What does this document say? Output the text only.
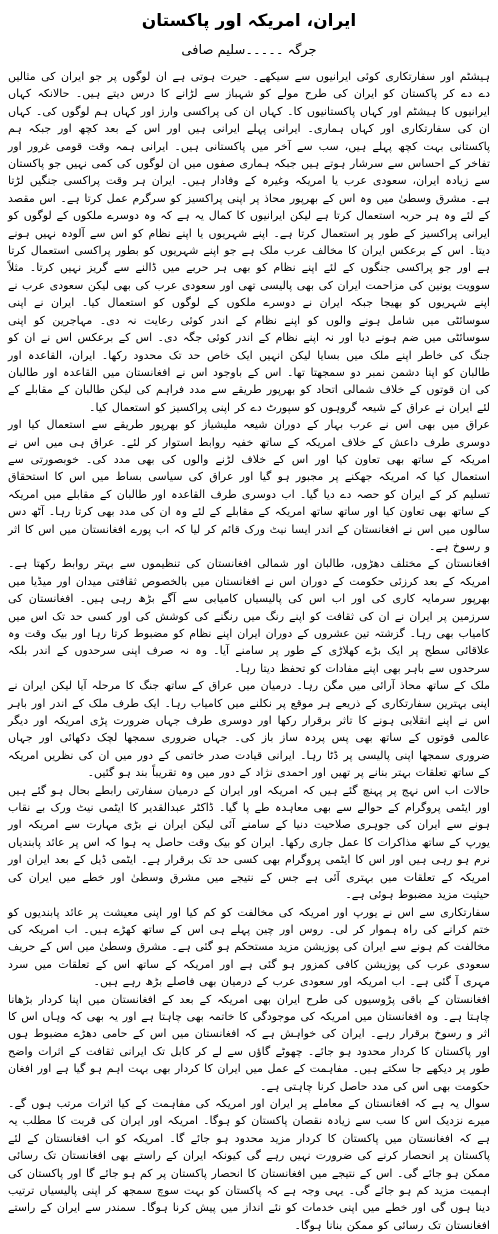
ایران، امریکہ اور پاکستان
جرگہ ۔۔۔۔۔سلیم صافی

ہیشٹم اور سفارتکاری کوئی ایرانیوں سے سیکھے۔ حیرت ہوتی ہے ان لوگوں پر جو ایران کی مثالیں دے دے کر پاکستان کو ایران کی طرح مولے کو شہباز سے لڑانے کا درس دیتے ہیں۔ حالانکہ کہاں ایرانیوں کا ہیشٹم اور کہاں پاکستانیوں کا۔ کہاں ان کی پراکسی وارز اور کہاں ہم لوگوں کی۔ کہاں ان کی سفارتکاری اور کہاں ہماری۔ ایرانی پہلے ایرانی ہیں اور اس کے بعد کچھ اور جبکہ ہم پاکستانی بہت کچھ پہلے ہیں، سب سے آخر میں پاکستانی ہیں۔ ایرانی ہمہ وقت قومی غرور اور تفاخر کے احساس سے سرشار ہوتے ہیں جبکہ ہماری صفوں میں ان لوگوں کی کمی نہیں جو پاکستان سے زیادہ ایران، سعودی عرب یا امریکہ وغیرہ کے وفادار ہیں۔ ایران ہر وقت پراکسی جنگیں لڑتا ہے۔ مشرق وسطیٰ میں وہ اس کے بھرپور محاذ پر اپنی پراکسیز کو سرگرم عمل کرتا ہے۔ اس مقصد کے لئے وہ ہر حربہ استعمال کرتا ہے لیکن ایرانیوں کا کمال یہ ہے کہ وہ دوسرے ملکوں کے لوگوں کو ایرانی پراکسیز کے طور پر استعمال کرتا ہے۔ اپنے شہریوں یا اپنے نظام کو اس سے آلودہ نہیں ہونے دیتا۔ اس کے برعکس ایران کا مخالف عرب ملک ہے جو اپنے شہریوں کو بطور پراکسی استعمال کرتا ہے اور جو پراکسی جنگوں کے لئے اپنے نظام کو بھی ہر حربے میں ڈالنے سے گریز نہیں کرتا۔ مثلاً سوویت یونین کی مزاحمت ایران کی بھی پالیسی تھی اور سعودی عرب کی بھی لیکن سعودی عرب نے اپنے شہریوں کو بھیجا جبکہ ایران نے دوسرے ملکوں کے لوگوں کو استعمال کیا۔ ایران نے اپنی سوسائٹی میں شامل ہونے والوں کو اپنے نظام کے اندر کوئی رعایت نہ دی۔ مہاجرین کو اپنی سوسائٹی میں ضم ہونے دیا اور نہ اپنے نظام کے اندر کوئی جگہ دی۔ اس کے برعکس اس نے ان کو جنگ کی خاطر اپنے ملک میں بسایا لیکن انہیں ایک خاص حد تک محدود رکھا۔ ایران، القاعدہ اور طالبان کو اپنا دشمن نمبر دو سمجھتا تھا۔ اس کے باوجود اس نے افغانستان میں القاعدہ اور طالبان کی ان قوتوں کے خلاف شمالی اتحاد کو بھرپور طریقے سے مدد فراہم کی لیکن طالبان کے مقابلے کے لئے ایران نے عراق کے شیعہ گروہوں کو سپورٹ دے کر اپنی پراکسیز کو استعمال کیا۔

عراق میں بھی اس نے عرب بہار کے دوران شیعہ ملیشیاز کو بھرپور طریقے سے استعمال کیا اور دوسری طرف داعش کے خلاف امریکہ کے ساتھ خفیہ روابط استوار کر لئے۔ عراق ہی میں اس نے امریکہ کے ساتھ بھی تعاون کیا اور اس کے خلاف لڑنے والوں کی بھی مدد کی۔ خوبصورتی سے استعمال کیا کہ امریکہ جھکنے پر مجبور ہو گیا اور عراق کی سیاسی بساط میں اس کا استحقاق تسلیم کر کے ایران کو حصہ دے دیا گیا۔ اب دوسری طرف القاعدہ اور طالبان کے مقابلے میں امریکہ کے ساتھ بھی تعاون کیا اور ساتھ ساتھ امریکہ کے مقابلے کے لئے وہ ان کی مدد بھی کرتا رہا۔ آٹھ دس سالوں میں اس نے افغانستان کے اندر ایسا نیٹ ورک قائم کر لیا کہ اب پورے افغانستان میں اس کا اثر و رسوخ ہے۔

افغانستان کے مختلف دھڑوں، طالبان اور شمالی افغانستان کی تنظیموں سے بہتر روابط رکھتا ہے۔ امریکہ کے بعد کرزئی حکومت کے دوران اس نے افغانستان میں بالخصوص ثقافتی میدان اور میڈیا میں بھرپور سرمایہ کاری کی اور اب اس کی پالیسیاں کامیابی سے آگے بڑھ رہی ہیں۔ افغانستان کی سرزمین پر ایران نے ان کی ثقافت کو اپنے رنگ میں رنگنے کی کوشش کی اور کسی حد تک اس میں کامیاب بھی رہا۔ گزشتہ تین عشروں کے دوران ایران اپنے نظام کو مضبوط کرتا رہا اور بیک وقت وہ علاقائی سطح پر ایک بڑے کھلاڑی کے طور پر سامنے آیا۔ وہ نہ صرف اپنی سرحدوں کے اندر بلکہ سرحدوں سے باہر بھی اپنے مفادات کو تحفظ دیتا رہا۔

ملک کے ساتھ محاذ آرائی میں مگن رہا۔ درمیان میں عراق کے ساتھ جنگ کا مرحلہ آیا لیکن ایران نے اپنی بہترین سفارتکاری کے ذریعے ہر موقع پر نکلنے میں کامیاب رہا۔ ایک طرف ملک کے اندر اور باہر اس نے اپنے انقلابی ہونے کا تاثر برقرار رکھا اور دوسری طرف جہاں ضرورت پڑی امریکہ اور دیگر عالمی قوتوں کے ساتھ بھی پس پردہ ساز باز کی۔ جہاں ضروری سمجھا لچک دکھائی اور جہاں ضروری سمجھا اپنی پالیسی پر ڈٹا رہا۔ ایرانی قیادت صدر خاتمی کے دور میں ان کی نظریں امریکہ کے ساتھ تعلقات بہتر بنانے پر تھیں اور احمدی نژاد کے دور میں وہ تقریباً بند ہو گئیں۔

حالات اب اس نہج پر پہنچ گئے ہیں کہ امریکہ اور ایران کے درمیان سفارتی رابطے بحال ہو گئے ہیں اور ایٹمی پروگرام کے حوالے سے بھی معاہدہ طے پا گیا۔ ڈاکٹر عبدالقدیر کا ایٹمی نیٹ ورک بے نقاب ہونے سے ایران کی جوہری صلاحیت دنیا کے سامنے آئی لیکن ایران نے بڑی مہارت سے امریکہ اور یورپ کے ساتھ مذاکرات کا عمل جاری رکھا۔ ایران کو بیک وقت حاصل یہ ہوا کہ اس پر عائد پابندیاں نرم ہو رہی ہیں اور اس کا ایٹمی پروگرام بھی کسی حد تک برقرار ہے۔ ایٹمی ڈیل کے بعد ایران اور امریکہ کے تعلقات میں بہتری آئی ہے جس کے نتیجے میں مشرق وسطیٰ اور خطے میں ایران کی حیثیت مزید مضبوط ہوئی ہے۔

سفارتکاری سے اس نے یورپ اور امریکہ کی مخالفت کو کم کیا اور اپنی معیشت پر عائد پابندیوں کو ختم کرانے کی راہ ہموار کر لی۔ روس اور چین پہلے ہی اس کے ساتھ کھڑے ہیں۔ اب امریکہ کی مخالفت کم ہونے سے ایران کی پوزیشن مزید مستحکم ہو گئی ہے۔ مشرق وسطیٰ میں اس کے حریف سعودی عرب کی پوزیشن کافی کمزور ہو گئی ہے اور امریکہ کے ساتھ اس کے تعلقات میں سرد مہری آ گئی ہے۔ اب امریکہ اور سعودی عرب کے درمیان بھی فاصلے بڑھ رہے ہیں۔

افغانستان کے باقی پڑوسیوں کی طرح ایران بھی امریکہ کے بعد کے افغانستان میں اپنا کردار بڑھانا چاہتا ہے۔ وہ افغانستان میں امریکہ کی موجودگی کا خاتمہ بھی چاہتا ہے اور یہ بھی کہ وہاں اس کا اثر و رسوخ برقرار رہے۔ ایران کی خواہش ہے کہ افغانستان میں اس کے حامی دھڑے مضبوط ہوں اور پاکستان کا کردار محدود ہو جائے۔ چھوٹے گاؤں سے لے کر کابل تک ایرانی ثقافت کے اثرات واضح طور پر دیکھے جا سکتے ہیں۔ مفاہمت کے عمل میں ایران کا کردار بھی بہت اہم ہو گیا ہے اور افغان حکومت بھی اس کی مدد حاصل کرنا چاہتی ہے۔

سوال یہ ہے کہ افغانستان کے معاملے پر ایران اور امریکہ کی مفاہمت کے کیا اثرات مرتب ہوں گے۔ میرے نزدیک اس کا سب سے زیادہ نقصان پاکستان کو ہوگا۔ امریکہ اور ایران کی قربت کا مطلب یہ ہے کہ افغانستان میں پاکستان کا کردار مزید محدود ہو جائے گا۔ امریکہ کو اب افغانستان کے لئے پاکستان پر انحصار کرنے کی ضرورت نہیں رہے گی کیونکہ ایران کے راستے بھی افغانستان تک رسائی ممکن ہو جائے گی۔ اس کے نتیجے میں افغانستان کا انحصار پاکستان پر کم ہو جائے گا اور پاکستان کی اہمیت مزید کم ہو جائے گی۔ یہی وجہ ہے کہ پاکستان کو بہت سوچ سمجھ کر اپنی پالیسیاں ترتیب دینا ہوں گی اور خطے میں اپنی خدمات کو نئے انداز میں پیش کرنا ہوگا۔ سمندر سے ایران کے راستے افغانستان تک رسائی کو ممکن بنانا ہوگا۔
